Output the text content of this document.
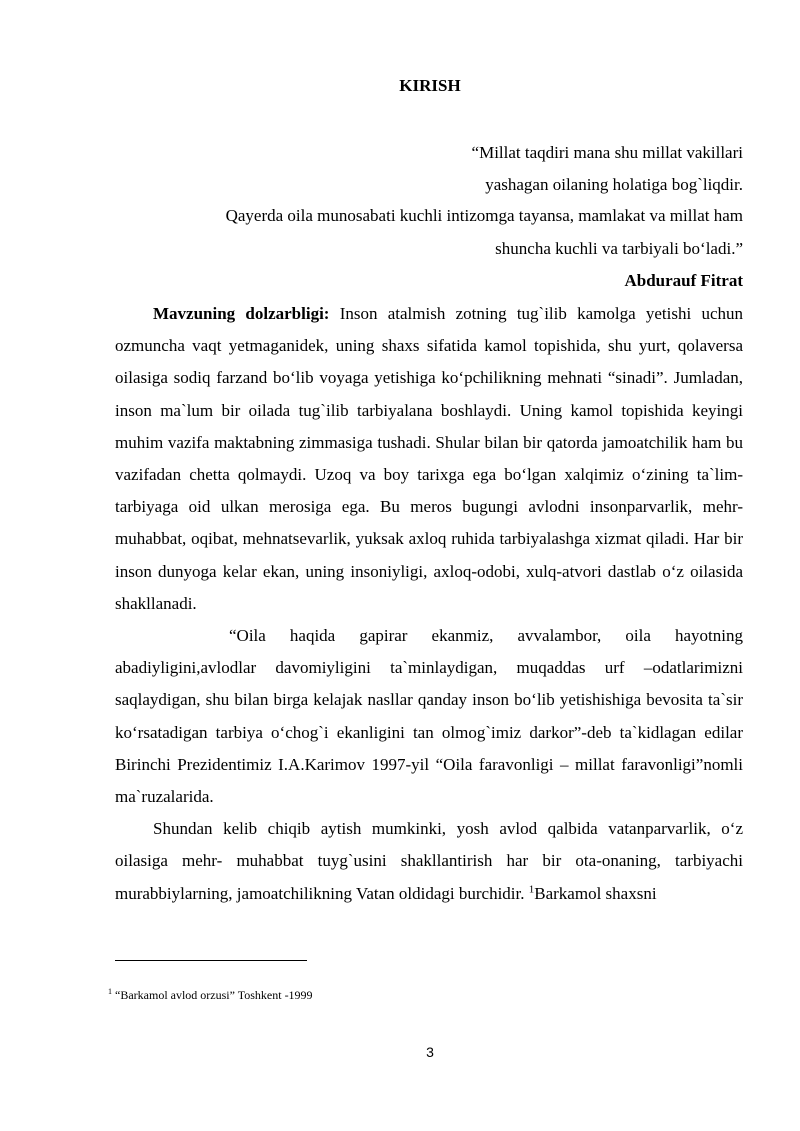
KIRISH
“Millat taqdiri mana shu millat vakillari
yashagan oilaning holatiga bog`liqdir.
Qayerda oila munosabati kuchli intizomga tayansa, mamlakat va millat ham
shuncha kuchli va tarbiyali bo‘ladi.”
Abdurauf Fitrat

Mavzuning dolzarbligi: Inson atalmish zotning tug`ilib kamolga yetishi uchun ozmuncha vaqt yetmaganidek, uning shaxs sifatida kamol topishida, shu yurt, qolaversa oilasiga sodiq farzand bo‘lib voyaga yetishiga ko‘pchilikning mehnati “sinadi”. Jumladan, inson ma`lum bir oilada tug`ilib tarbiyalana boshlaydi. Uning kamol topishida keyingi muhim vazifa maktabning zimmasiga tushadi. Shular bilan bir qatorda jamoatchilik ham bu vazifadan chetta qolmaydi. Uzoq va boy tarixga ega bo‘lgan xalqimiz o‘zining ta`lim-tarbiyaga oid ulkan merosiga ega. Bu meros bugungi avlodni insonparvarlik, mehr-muhabbat, oqibat, mehnatsevarlik, yuksak axloq ruhida tarbiyalashga xizmat qiladi. Har bir inson dunyoga kelar ekan, uning insoniyligi, axloq-odobi, xulq-atvori dastlab o‘z oilasida shakllanadi.

“Oila haqida gapirar ekanmiz, avvalambor, oila hayotning abadiyligini,avlodlar davomiyligini ta`minlaydigan, muqaddas urf –odatlarimizni saqlaydigan, shu bilan birga kelajak nasllar qanday inson bo‘lib yetishishiga bevosita ta`sir ko‘rsatadigan tarbiya o‘chog`i ekanligini tan olmog`imiz darkor”-deb ta`kidlagan edilar Birinchi Prezidentimiz I.A.Karimov 1997-yil “Oila faravonligi – millat faravonligi”nomli ma`ruzalarida.

Shundan kelib chiqib aytish mumkinki, yosh avlod qalbida vatanparvarlik, o‘z oilasiga mehr- muhabbat tuyg`usini shakllantirish har bir ota-onaning, tarbiyachi murabbiylarning, jamoatchilikning Vatan oldidagi burchidir. $^1$Barkamol shaxsni

$^1$ “Barkamol avlod orzusi” Toshkent -1999
3
